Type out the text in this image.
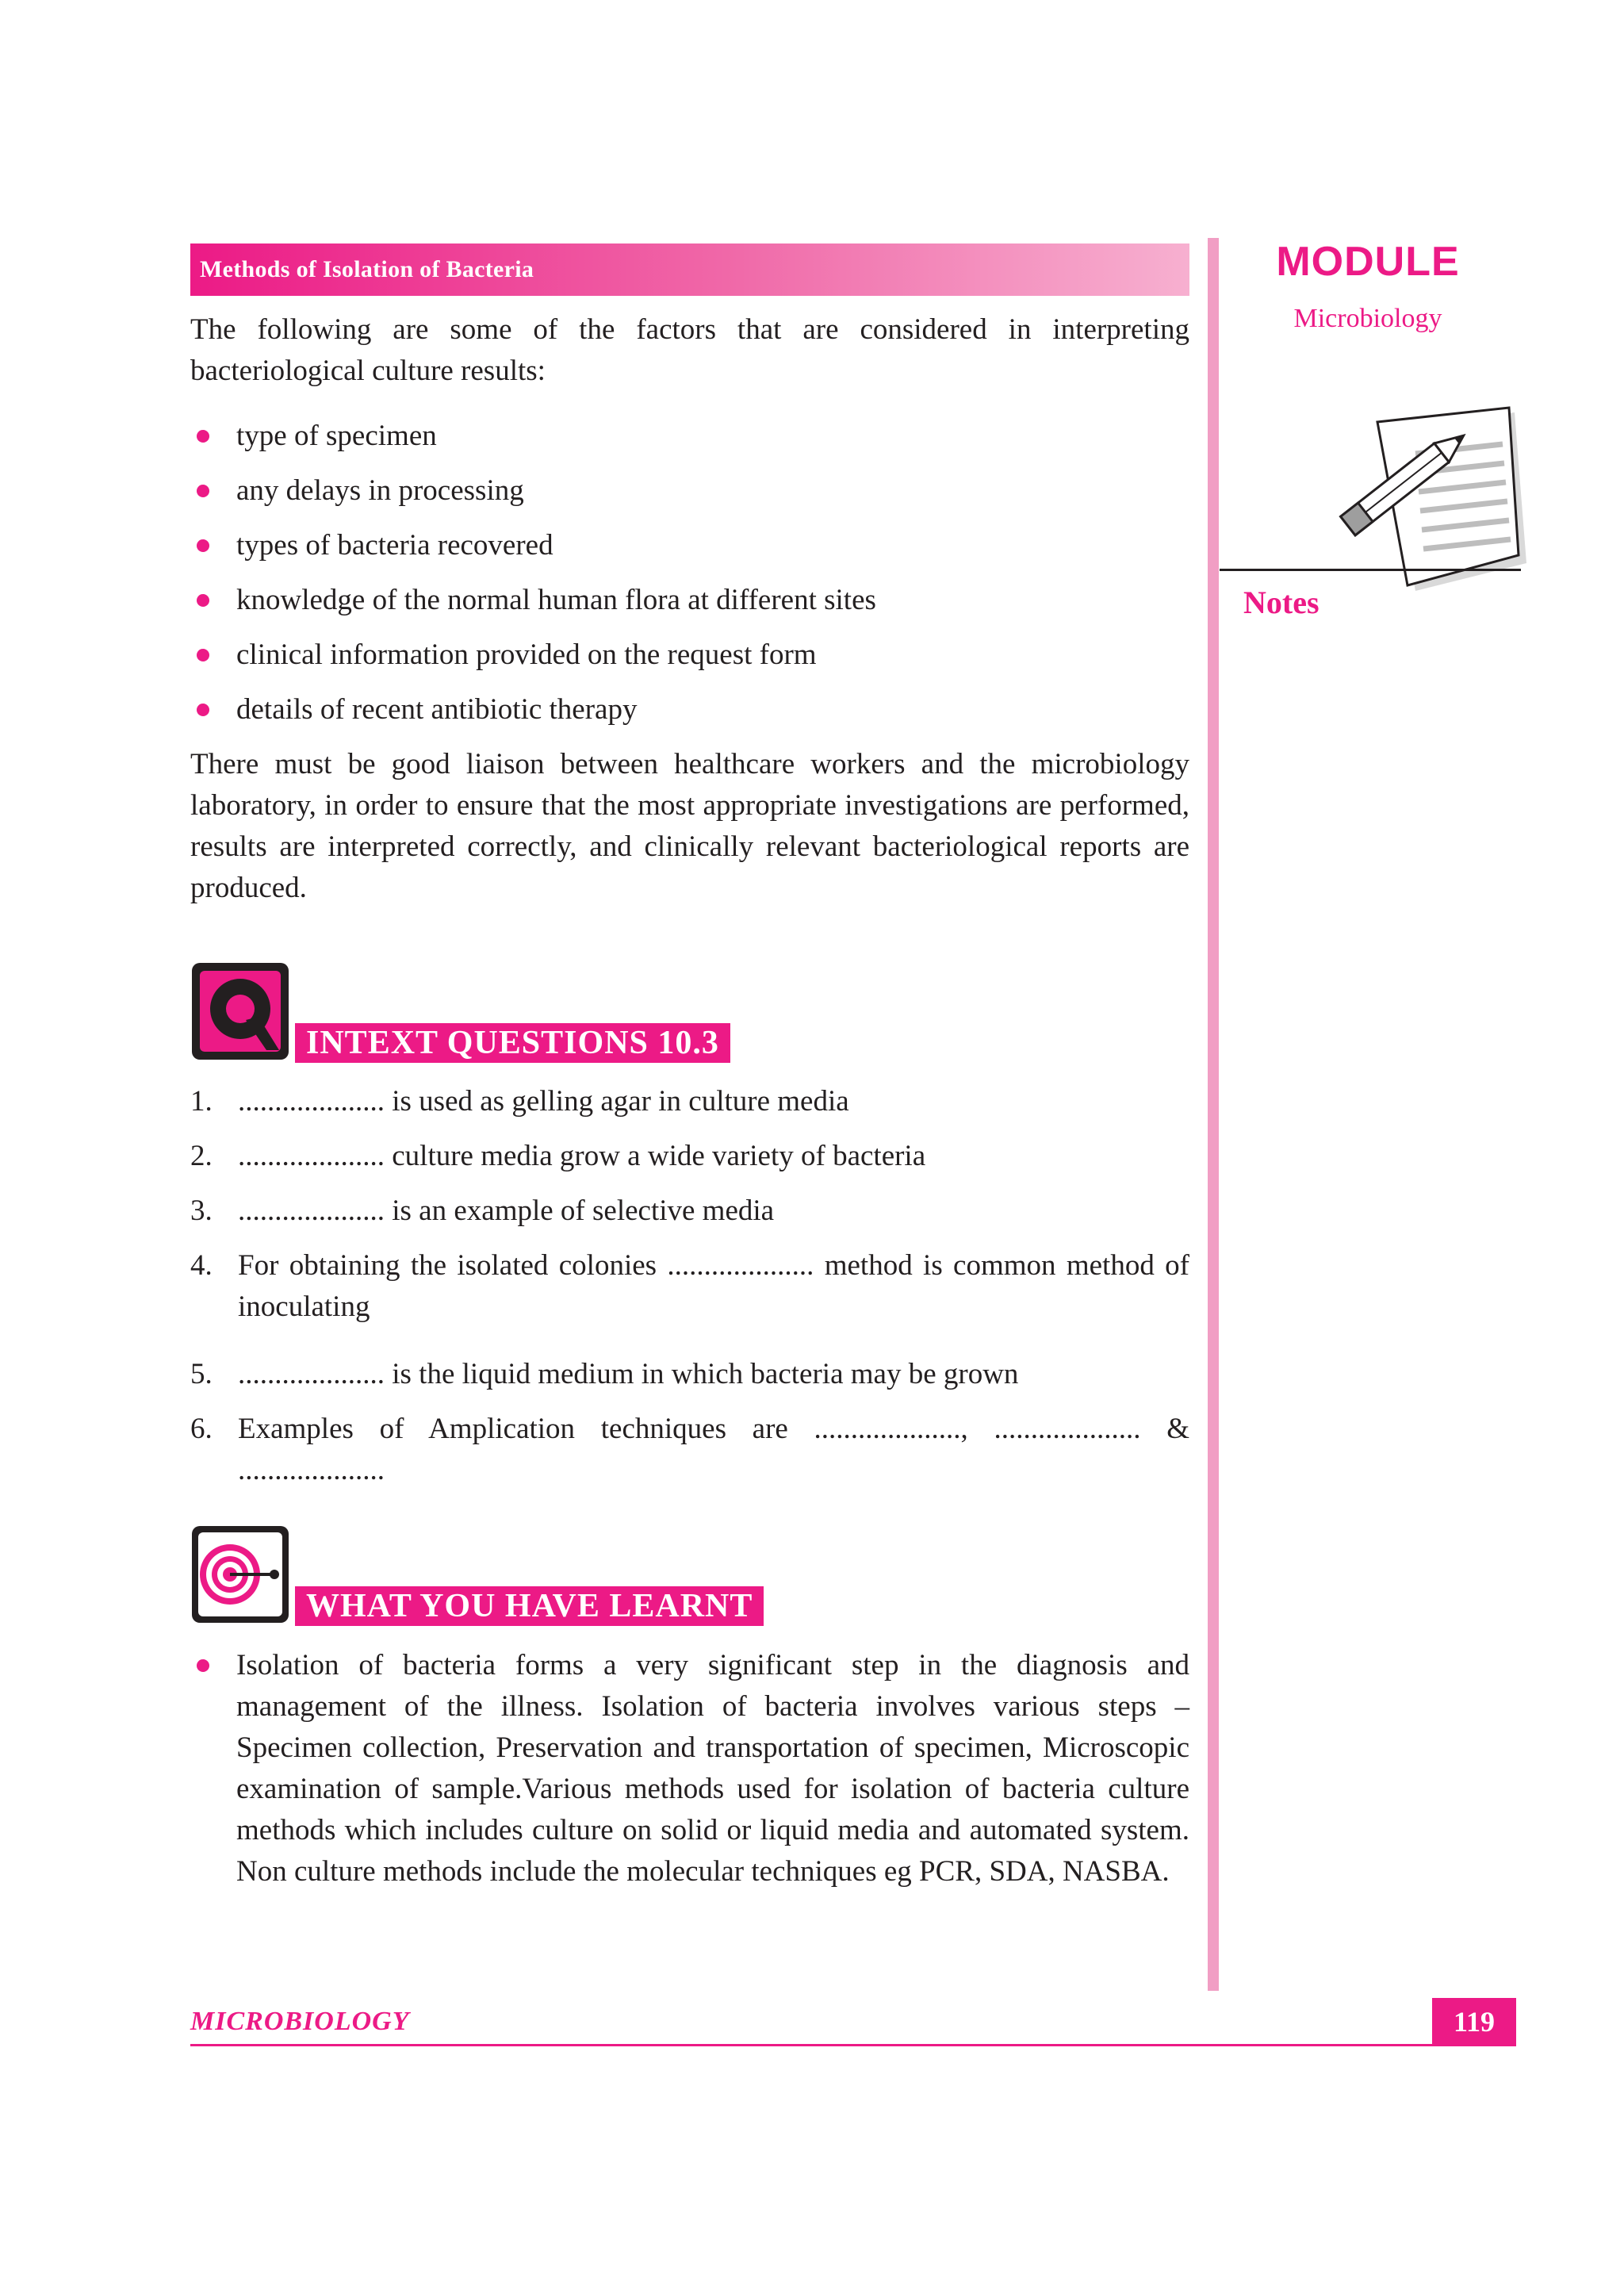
Methods of Isolation of Bacteria	MODULE
Microbiology
Notes

The following are some of the factors that are considered in interpreting bacteriological culture results:

type of specimen
any delays in processing
types of bacteria recovered
knowledge of the normal human flora at different sites
clinical information provided on the request form
details of recent antibiotic therapy

There must be good liaison between healthcare workers and the microbiology laboratory, in order to ensure that the most appropriate investigations are performed, results are interpreted correctly, and clinically relevant bacteriological reports are produced.

INTEXT QUESTIONS 10.3
1. .................... is used as gelling agar in culture media
2. .................... culture media grow a wide variety of bacteria
3. .................... is an example of selective media
4. For obtaining the isolated colonies .................... method is common method of inoculating
5. .................... is the liquid medium in which bacteria may be grown
6. Examples of Amplication techniques are ...................., .................... & ....................
WHAT YOU HAVE LEARNT
Isolation of bacteria forms a very significant step in the diagnosis and management of the illness. Isolation of bacteria involves various steps – Specimen collection, Preservation and transportation of specimen, Microscopic examination of sample.Various methods used for isolation of bacteria culture methods which includes culture on solid or liquid media and automated system. Non culture methods include the molecular techniques eg PCR, SDA, NASBA.
MICROBIOLOGY	119
